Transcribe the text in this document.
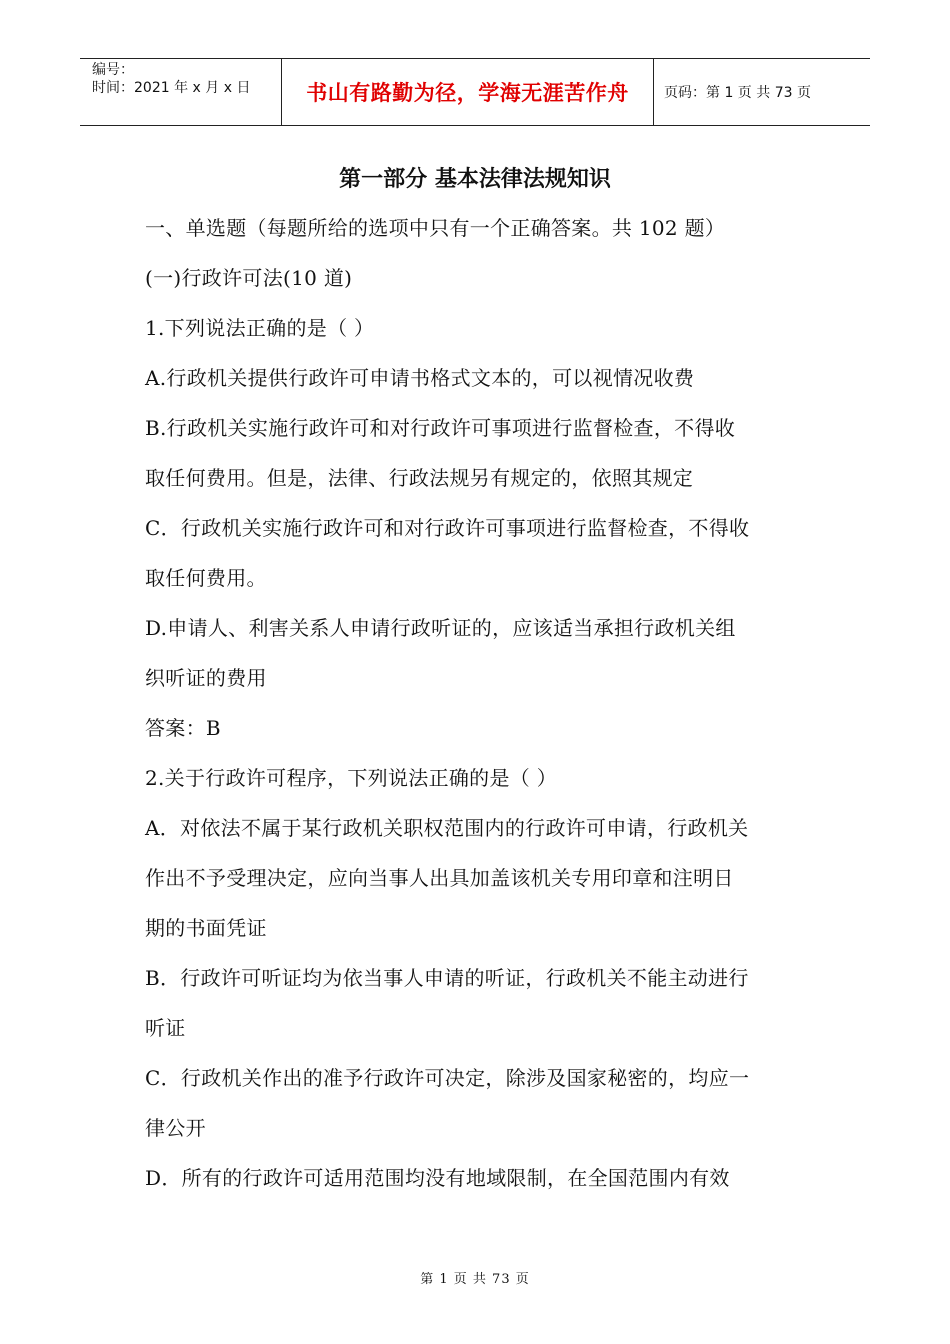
编号：
时间：2021 年 x 月 x 日	书山有路勤为径，学海无涯苦作舟	页码：第 1 页 共 73 页
第一部分 基本法律法规知识
一、单选题（每题所给的选项中只有一个正确答案。共 102 题）
(一)行政许可法(10 道)
1.下列说法正确的是（ ）
A.行政机关提供行政许可申请书格式文本的，可以视情况收费
B.行政机关实施行政许可和对行政许可事项进行监督检查，不得收
取任何费用。但是，法律、行政法规另有规定的，依照其规定
C．行政机关实施行政许可和对行政许可事项进行监督检查，不得收
取任何费用。
D.申请人、利害关系人申请行政听证的，应该适当承担行政机关组
织听证的费用
答案：B
2.关于行政许可程序，下列说法正确的是（ ）
A．对依法不属于某行政机关职权范围内的行政许可申请，行政机关
作出不予受理决定，应向当事人出具加盖该机关专用印章和注明日
期的书面凭证
B．行政许可听证均为依当事人申请的听证，行政机关不能主动进行
听证
C．行政机关作出的准予行政许可决定，除涉及国家秘密的，均应一
律公开
D．所有的行政许可适用范围均没有地域限制，在全国范围内有效
第 1 页 共 73 页
